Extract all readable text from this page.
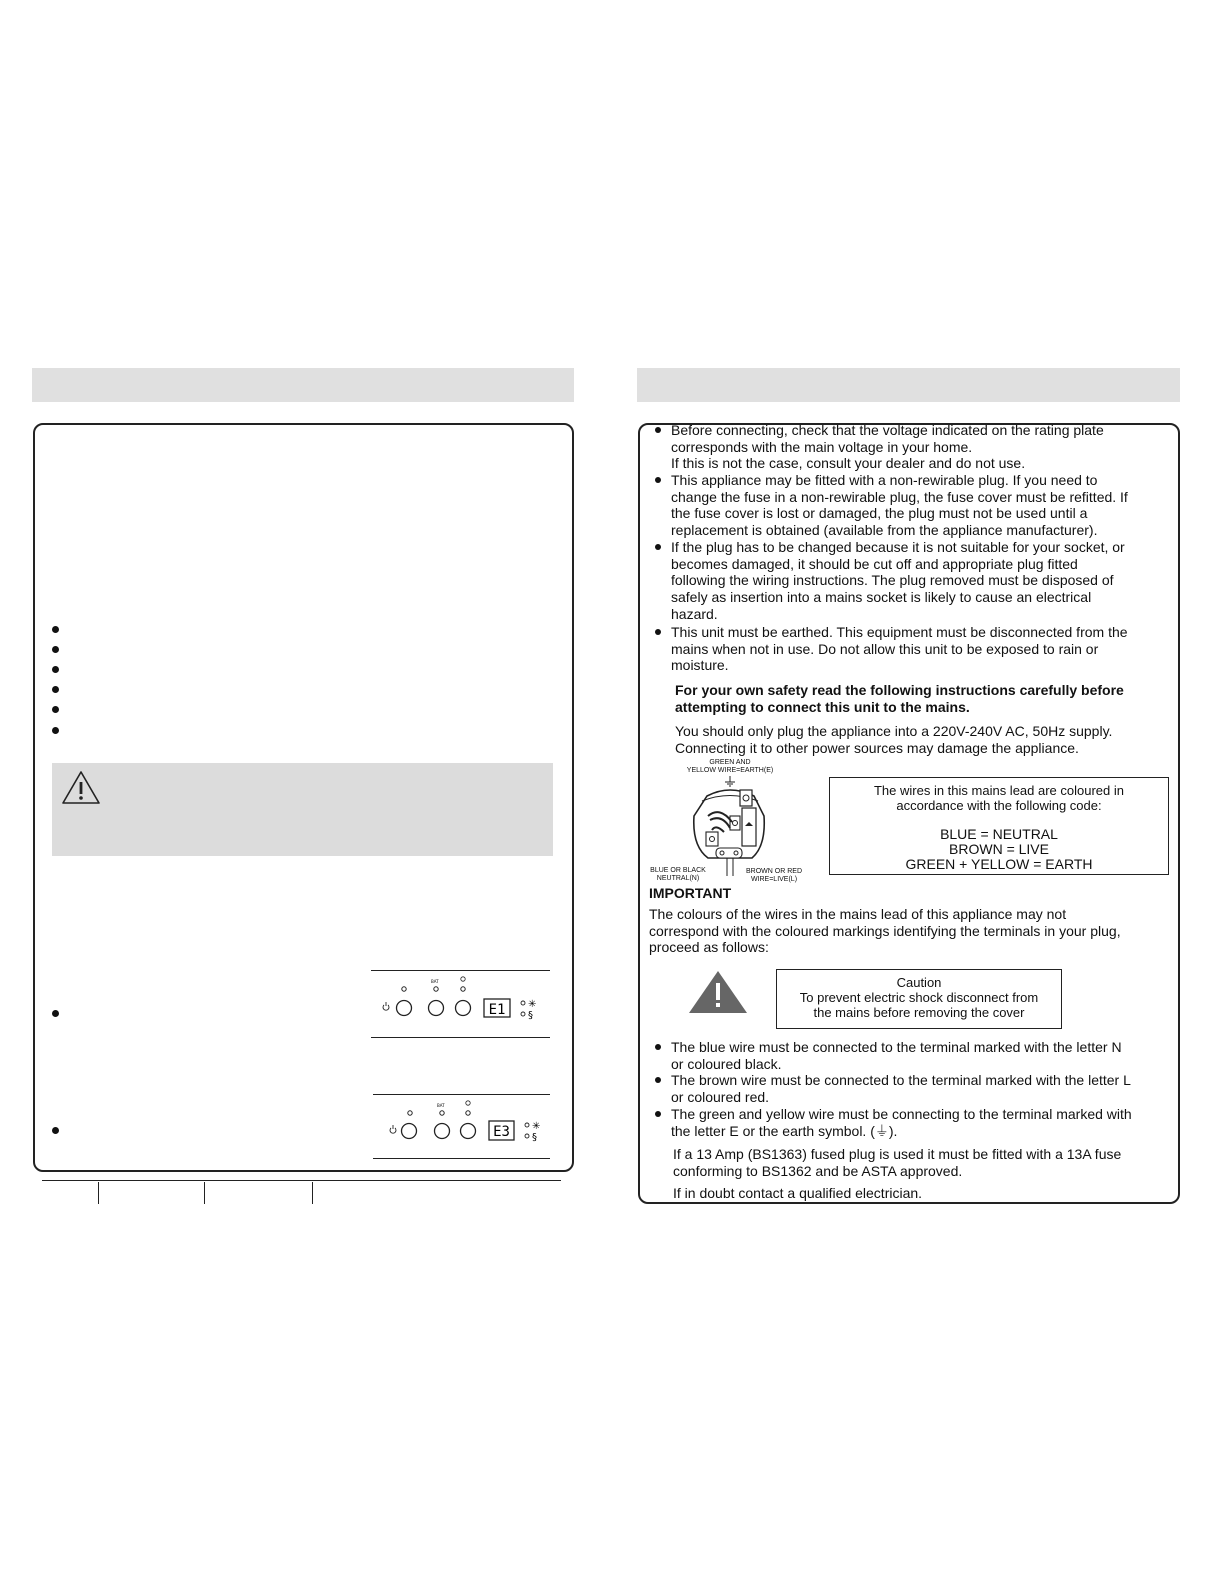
BAT
E1 ✳
§
BAT
E3 ✳
§
Before connecting, check that the voltage indicated on the rating plate
corresponds with the main voltage in your home.
If this is not the case, consult your dealer and do not use.
This appliance may be fitted with a non-rewirable plug. If you need to
change the fuse in a non-rewirable plug, the fuse cover must be refitted. If
the fuse cover is lost or damaged, the plug must not be used until a
replacement is obtained (available from the appliance manufacturer).
If the plug has to be changed because it is not suitable for your socket, or
becomes damaged, it should be cut off and appropriate plug fitted
following the wiring instructions. The plug removed must be disposed of
safely as insertion into a mains socket is likely to cause an electrical
hazard.
This unit must be earthed. This equipment must be disconnected from the
mains when not in use. Do not allow this unit to be exposed to rain or
moisture.
For your own safety read the following instructions carefully before
attempting to connect this unit to the mains.
You should only plug the appliance into a 220V-240V AC, 50Hz supply.
Connecting it to other power sources may damage the appliance.
GREEN AND
YELLOW WIRE=EARTH(E)
BLUE OR BLACK
NEUTRAL(N)
BROWN OR RED
WIRE=LIVE(L)
The wires in this mains lead are coloured in
accordance with the following code:
BLUE = NEUTRAL
BROWN = LIVE
GREEN + YELLOW = EARTH
IMPORTANT
The colours of the wires in the mains lead of this appliance may not
correspond with the coloured markings identifying the terminals in your plug,
proceed as follows:
Caution
To prevent electric shock disconnect from
the mains before removing the cover
The blue wire must be connected to the terminal marked with the letter N
or coloured black.
The brown wire must be connected to the terminal marked with the letter L
or coloured red.
The green and yellow wire must be connecting to the terminal marked with
the letter E or the earth symbol. (⏚).
If a 13 Amp (BS1363) fused plug is used it must be fitted with a 13A fuse
conforming to BS1362 and be ASTA approved.
If in doubt contact a qualified electrician.
